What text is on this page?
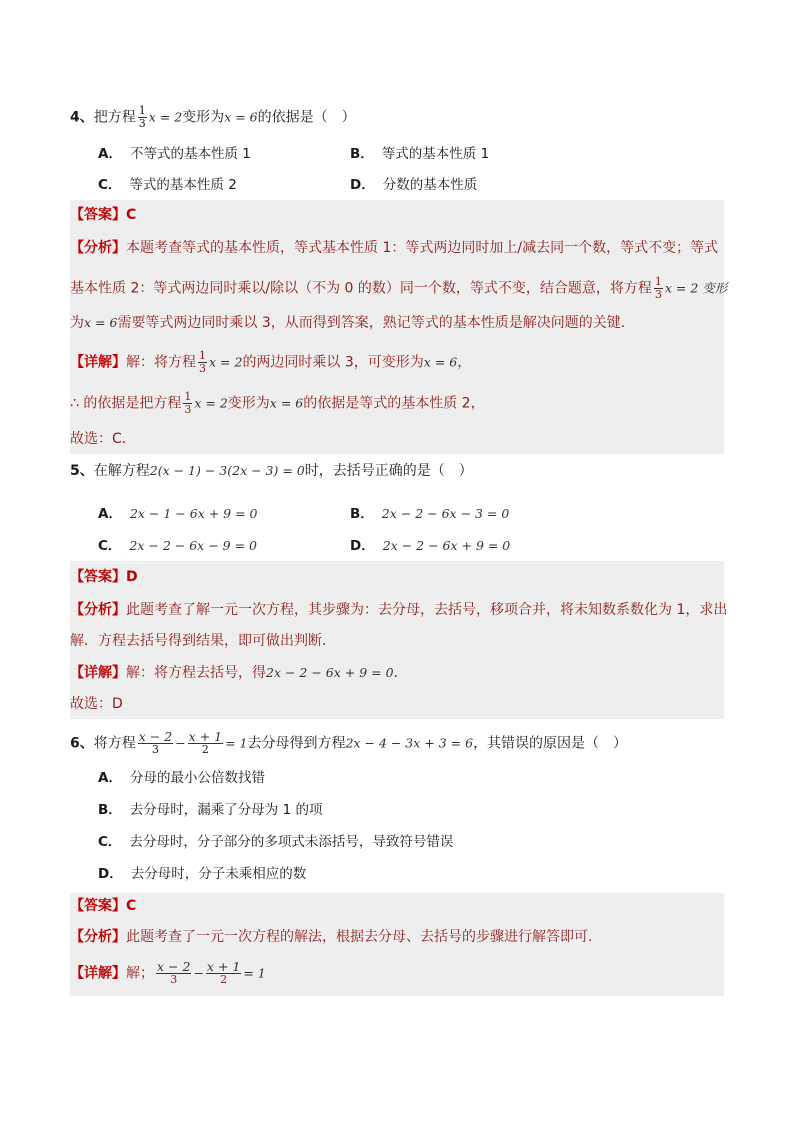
4、把方程 $\frac{1}{3}$ x = 2变形为x = 6的依据是（　）
A． 不等式的基本性质 1	B． 等式的基本性质 1
C． 等式的基本性质 2	D． 分数的基本性质
【答案】C
【分析】本题考查等式的基本性质，等式基本性质 1：等式两边同时加上/减去同一个数，等式不变；等式
基本性质 2：等式两边同时乘以/除以（不为 0 的数）同一个数，等式不变，结合题意，将方程 $\frac{1}{3}$ x = 2 变形
为x = 6需要等式两边同时乘以 3，从而得到答案，熟记等式的基本性质是解决问题的关键．
【详解】解：将方程 $\frac{1}{3}$ x = 2的两边同时乘以 3，可变形为x = 6，
∴ 的依据是把方程 $\frac{1}{3}$ x = 2变形为x = 6的依据是等式的基本性质 2，
故选：C．
5、在解方程2(x − 1) − 3(2x − 3) = 0时，去括号正确的是（　）
A． 2x − 1 − 6x + 9 = 0	B． 2x − 2 − 6x − 3 = 0
C． 2x − 2 − 6x − 9 = 0	D． 2x − 2 − 6x + 9 = 0
【答案】D
【分析】此题考查了解一元一次方程，其步骤为：去分母，去括号，移项合并，将未知数系数化为 1，求出
解．方程去括号得到结果，即可做出判断．
【详解】解：将方程去括号，得2x − 2 − 6x + 9 = 0．
故选：D
6、将方程 $\frac{x - 2}{3} - \frac{x + 1}{2} = 1$去分母得到方程2x − 4 − 3x + 3 = 6，其错误的原因是（　）
A． 分母的最小公倍数找错
B． 去分母时，漏乘了分母为 1 的项
C． 去分母时，分子部分的多项式未添括号，导致符号错误
D． 去分母时，分子未乘相应的数
【答案】C
【分析】此题考查了一元一次方程的解法，根据去分母、去括号的步骤进行解答即可.
【详解】解； $\frac{x - 2}{3} - \frac{x + 1}{2} = 1$
